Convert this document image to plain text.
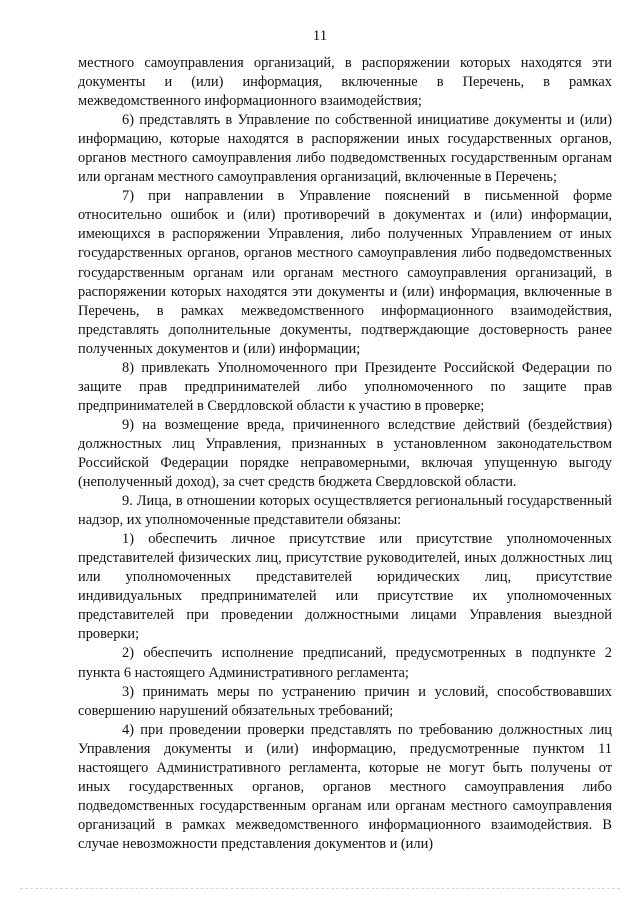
11

местного самоуправления организаций, в распоряжении которых находятся эти документы и (или) информация, включенные в Перечень, в рамках межведомственного информационного взаимодействия;

6) представлять в Управление по собственной инициативе документы и (или) информацию, которые находятся в распоряжении иных государственных органов, органов местного самоуправления либо подведомственных государственным органам или органам местного самоуправления организаций, включенные в Перечень;

7) при направлении в Управление пояснений в письменной форме относительно ошибок и (или) противоречий в документах и (или) информации, имеющихся в распоряжении Управления, либо полученных Управлением от иных государственных органов, органов местного самоуправления либо подведомственных государственным органам или органам местного самоуправления организаций, в распоряжении которых находятся эти документы и (или) информация, включенные в Перечень, в рамках межведомственного информационного взаимодействия, представлять дополнительные документы, подтверждающие достоверность ранее полученных документов и (или) информации;

8) привлекать Уполномоченного при Президенте Российской Федерации по защите прав предпринимателей либо уполномоченного по защите прав предпринимателей в Свердловской области к участию в проверке;

9) на возмещение вреда, причиненного вследствие действий (бездействия) должностных лиц Управления, признанных в установленном законодательством Российской Федерации порядке неправомерными, включая упущенную выгоду (неполученный доход), за счет средств бюджета Свердловской области.

9. Лица, в отношении которых осуществляется региональный государственный надзор, их уполномоченные представители обязаны:

1) обеспечить личное присутствие или присутствие уполномоченных представителей физических лиц, присутствие руководителей, иных должностных лиц или уполномоченных представителей юридических лиц, присутствие индивидуальных предпринимателей или присутствие их уполномоченных представителей при проведении должностными лицами Управления выездной проверки;

2) обеспечить исполнение предписаний, предусмотренных в подпункте 2 пункта 6 настоящего Административного регламента;

3) принимать меры по устранению причин и условий, способствовавших совершению нарушений обязательных требований;

4) при проведении проверки представлять по требованию должностных лиц Управления документы и (или) информацию, предусмотренные пунктом 11 настоящего Административного регламента, которые не могут быть получены от иных государственных органов, органов местного самоуправления либо подведомственных государственным органам или органам местного самоуправления организаций в рамках межведомственного информационного взаимодействия. В случае невозможности представления документов и (или)
